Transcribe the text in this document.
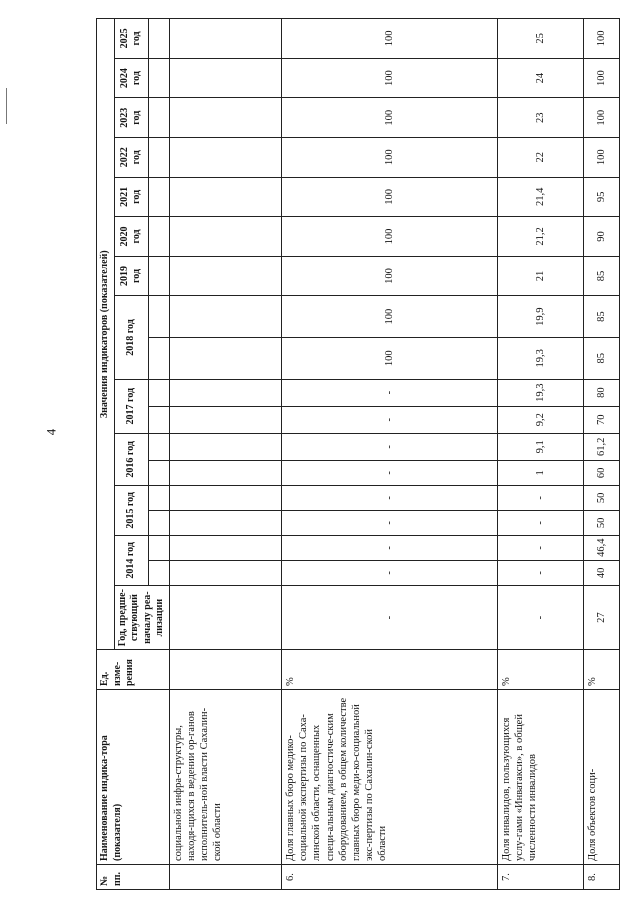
4
№ пп.	Наименование индика-тора (показателя)	Ед. изме-рения	Значения индикаторов (показателей)																	
			Год, предше-ствующий началу реа-лизации	2014 год		2015 год		2016 год		2017 год		2018 год		2019 год	2020 год	2021 год	2022 год	2023 год	2024 год	2025 год

	социальной инфра-структуры, находя-щихся в ведении ор-ганов исполнитель-ной власти Сахалин-ской области																			
6.	Доля главных бюро медико-социальной экспертизы по Саха-линской области, оснащенных специ-альным диагностиче-ским оборудованием, в общем количестве главных бюро меди-ко-социальной экс-пертизы по Сахалин-ской области	%	-	-	-	-	-	-	-	-	-	100	100	100	100	100	100	100	100	100
7.	Доля инвалидов, пользующихся услу-гами «Инватакси», в общей численности инвалидов	%	-	-	-	-	-	1	9,1	9,2	19,3	19,3	19,9	21	21,2	21,4	22	23	24	25
8.	Доля объектов соци-	%	27	40	46,4	50	50	60	61,2	70	80	85	85	85	90	95	100	100	100	100
